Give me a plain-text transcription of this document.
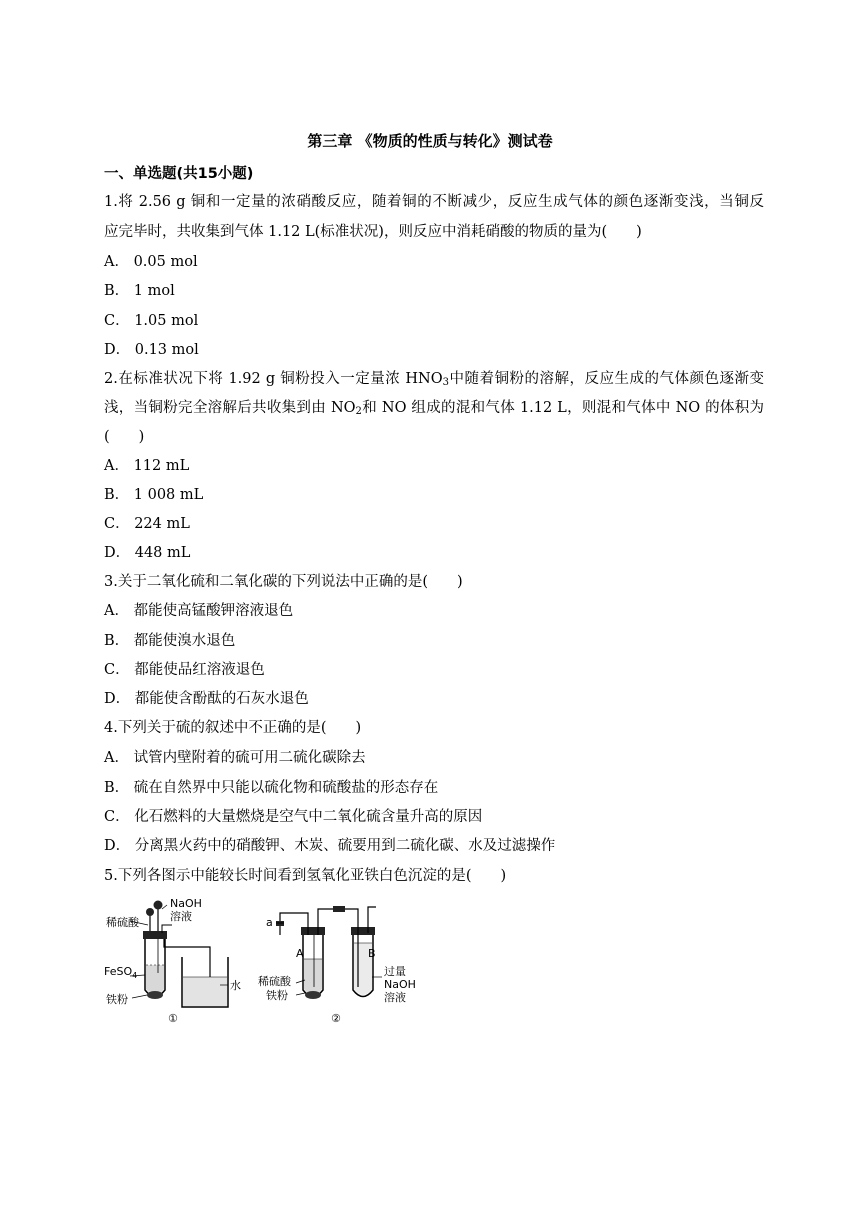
第三章 《物质的性质与转化》测试卷
一、单选题(共15小题)
1.将 2.56 g 铜和一定量的浓硝酸反应，随着铜的不断减少，反应生成气体的颜色逐渐变浅，当铜反
应完毕时，共收集到气体 1.12 L(标准状况)，则反应中消耗硝酸的物质的量为(　　)
A． 0.05 mol
B． 1 mol
C． 1.05 mol
D． 0.13 mol
2.在标准状况下将 1.92 g 铜粉投入一定量浓 $HNO_3$中随着铜粉的溶解，反应生成的气体颜色逐渐变
浅，当铜粉完全溶解后共收集到由 $NO_2$和 NO 组成的混和气体 1.12 L，则混和气体中 NO 的体积为
(　　)
A． 112 mL
B． 1 008 mL
C． 224 mL
D． 448 mL
3.关于二氧化硫和二氧化碳的下列说法中正确的是(　　)
A． 都能使高锰酸钾溶液退色
B． 都能使溴水退色
C． 都能使品红溶液退色
D． 都能使含酚酞的石灰水退色
4.下列关于硫的叙述中不正确的是(　　)
A． 试管内壁附着的硫可用二硫化碳除去
B． 硫在自然界中只能以硫化物和硫酸盐的形态存在
C． 化石燃料的大量燃烧是空气中二氧化硫含量升高的原因
D． 分离黑火药中的硝酸钾、木炭、硫要用到二硫化碳、水及过滤操作
5.下列各图示中能较长时间看到氢氧化亚铁白色沉淀的是(　　)
稀硫酸
NaOH
溶液
FeSO$_4$
铁粉
水
①
a
A	B
稀硫酸
铁粉
过量
NaOH
溶液
②
